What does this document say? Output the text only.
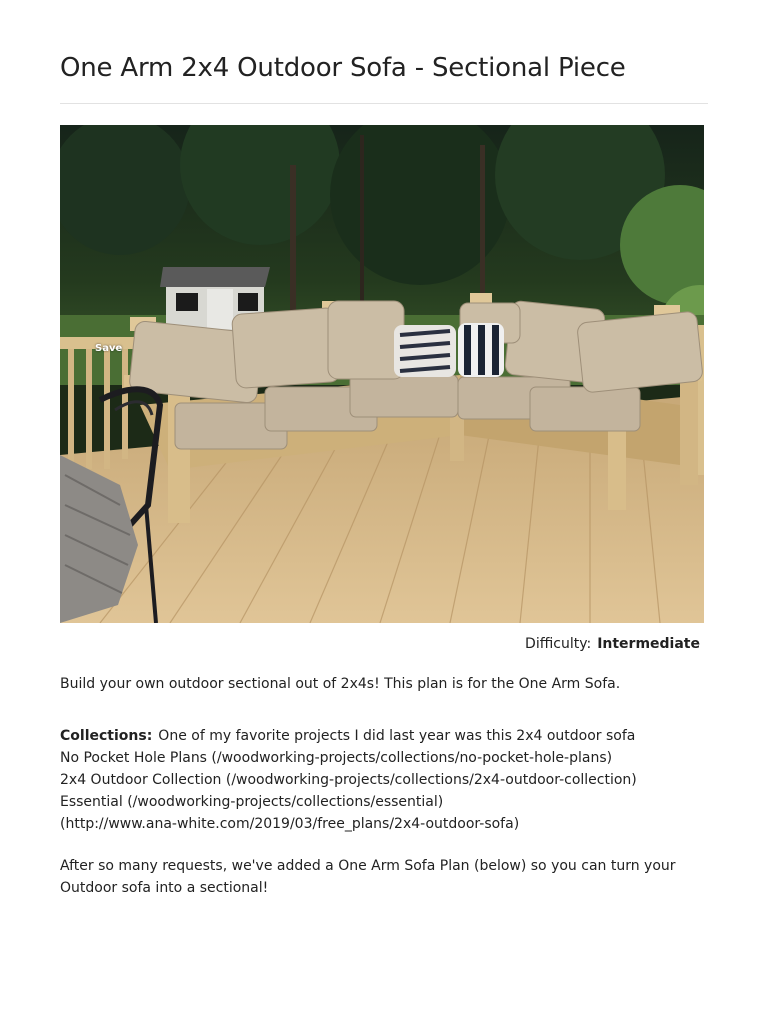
One Arm 2x4 Outdoor Sofa - Sectional Piece
Save
Difficulty: Intermediate

Build your own outdoor sectional out of 2x4s! This plan is for the One Arm Sofa.

Collections: One of my favorite projects I did last year was this 2x4 outdoor sofa
No Pocket Hole Plans (/woodworking-projects/collections/no-pocket-hole-plans)
2x4 Outdoor Collection (/woodworking-projects/collections/2x4-outdoor-collection)
Essential (/woodworking-projects/collections/essential)
(http://www.ana-white.com/2019/03/free_plans/2x4-outdoor-sofa)

After so many requests, we've added a One Arm Sofa Plan (below) so you can turn your Outdoor sofa into a sectional!
